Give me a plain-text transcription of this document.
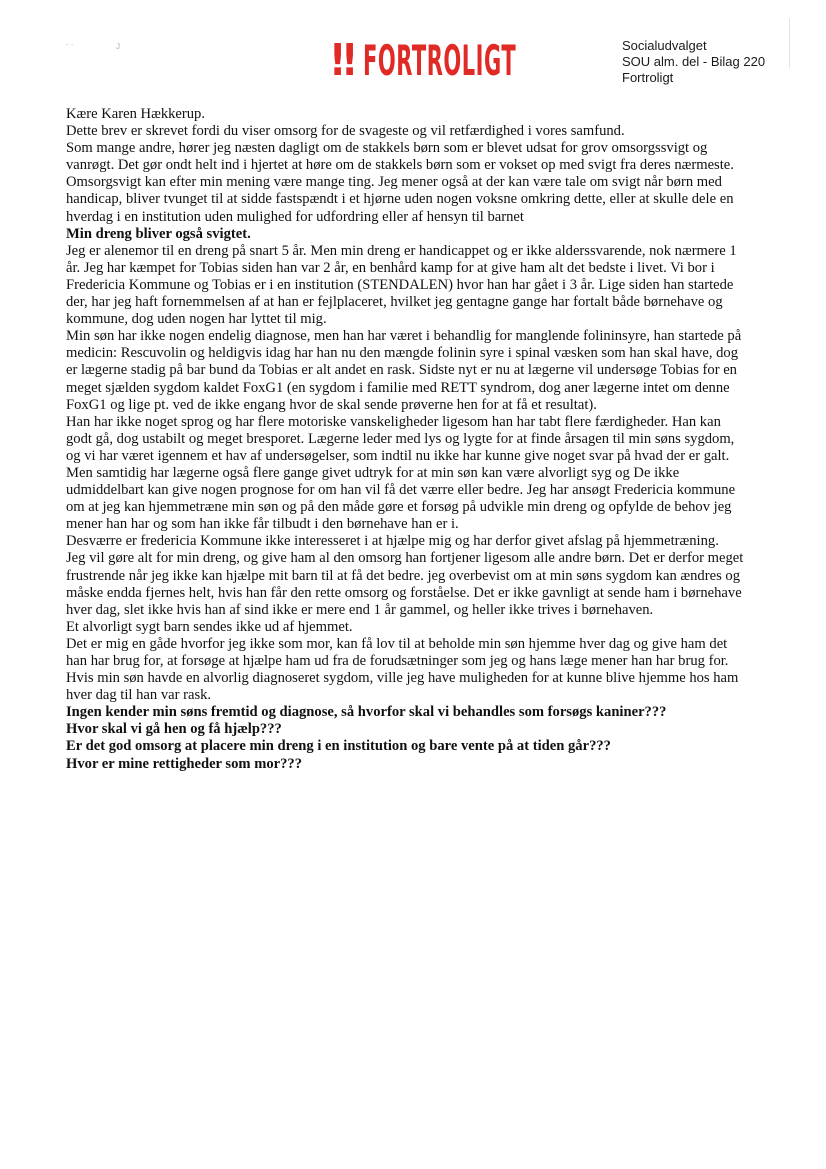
- -	J	!! FORTROLIGT	Socialudvalget
SOU alm. del - Bilag 220
Fortroligt

Kære Karen Hækkerup.

Dette brev er skrevet fordi du viser omsorg for de svageste og vil retfærdighed i vores samfund.

Som mange andre, hører jeg næsten dagligt om de stakkels børn som er blevet udsat for grov omsorgssvigt og vanrøgt. Det gør ondt helt ind i hjertet at høre om de stakkels børn som er vokset op med svigt fra deres nærmeste.

Omsorgsvigt kan efter min mening være mange ting. Jeg mener også at der kan være tale om svigt når børn med handicap, bliver tvunget til at sidde fastspændt i et hjørne uden nogen voksne omkring dette, eller at skulle dele en hverdag i en institution uden mulighed for udfordring eller af hensyn til barnet

Min dreng bliver også svigtet.

Jeg er alenemor til en dreng på snart 5 år. Men min dreng er handicappet og er ikke alderssvarende, nok nærmere 1 år. Jeg har kæmpet for Tobias siden han var 2 år, en benhård kamp for at give ham alt det bedste i livet. Vi bor i Fredericia Kommune og Tobias er i en institution (STENDALEN) hvor han har gået i 3 år. Lige siden han startede der, har jeg haft fornemmelsen af at han er fejlplaceret, hvilket jeg gentagne gange har fortalt både børnehave og kommune, dog uden nogen har lyttet til mig.

Min søn har ikke nogen endelig diagnose, men han har været i behandlig for manglende folininsyre, han startede på medicin: Rescuvolin og heldigvis idag har han nu den mængde folinin syre i spinal væsken som han skal have, dog er lægerne stadig på bar bund da Tobias er alt andet en rask. Sidste nyt er nu at lægerne vil undersøge Tobias for en meget sjælden sygdom kaldet FoxG1 (en sygdom i familie med RETT syndrom, dog aner lægerne intet om denne FoxG1 og lige pt. ved de ikke engang hvor de skal sende prøverne hen for at få et resultat).

Han har ikke noget sprog og har flere motoriske vanskeligheder ligesom han har tabt flere færdigheder. Han kan godt gå, dog ustabilt og meget bresporet. Lægerne leder med lys og lygte for at finde årsagen til min søns sygdom, og vi har været igennem et hav af undersøgelser, som indtil nu ikke har kunne give noget svar på hvad der er galt. Men samtidig har lægerne også flere gange givet udtryk for at min søn kan være alvorligt syg og De ikke udmiddelbart kan give nogen prognose for om han vil få det værre eller bedre. Jeg har ansøgt Fredericia kommune om at jeg kan hjemmetræne min søn og på den måde gøre et forsøg på udvikle min dreng og opfylde de behov jeg mener han har og som han ikke får tilbudt i den børnehave han er i.

Desværre er fredericia Kommune ikke interesseret i at hjælpe mig og har derfor givet afslag på hjemmetræning.

Jeg vil gøre alt for min dreng, og give ham al den omsorg han fortjener ligesom alle andre børn. Det er derfor meget frustrende når jeg ikke kan hjælpe mit barn til at få det bedre. jeg overbevist om at min søns sygdom kan ændres og måske endda fjernes helt, hvis han får den rette omsorg og forståelse. Det er ikke gavnligt at sende ham i børnehave hver dag, slet ikke hvis han af sind ikke er mere end 1 år gammel, og heller ikke trives i børnehaven.

Et alvorligt sygt barn sendes ikke ud af hjemmet.

Det er mig en gåde hvorfor jeg ikke som mor, kan få lov til at beholde min søn hjemme hver dag og give ham det han har brug for, at forsøge at hjælpe ham ud fra de forudsætninger som jeg og hans læge mener han har brug for. Hvis min søn havde en alvorlig diagnoseret sygdom, ville jeg have muligheden for at kunne blive hjemme hos ham hver dag til han var rask.

Ingen kender min søns fremtid og diagnose, så hvorfor skal vi behandles som forsøgs kaniner???

Hvor skal vi gå hen og få hjælp???

Er det god omsorg at placere min dreng i en institution og bare vente på at tiden går???

Hvor er mine rettigheder som mor???
